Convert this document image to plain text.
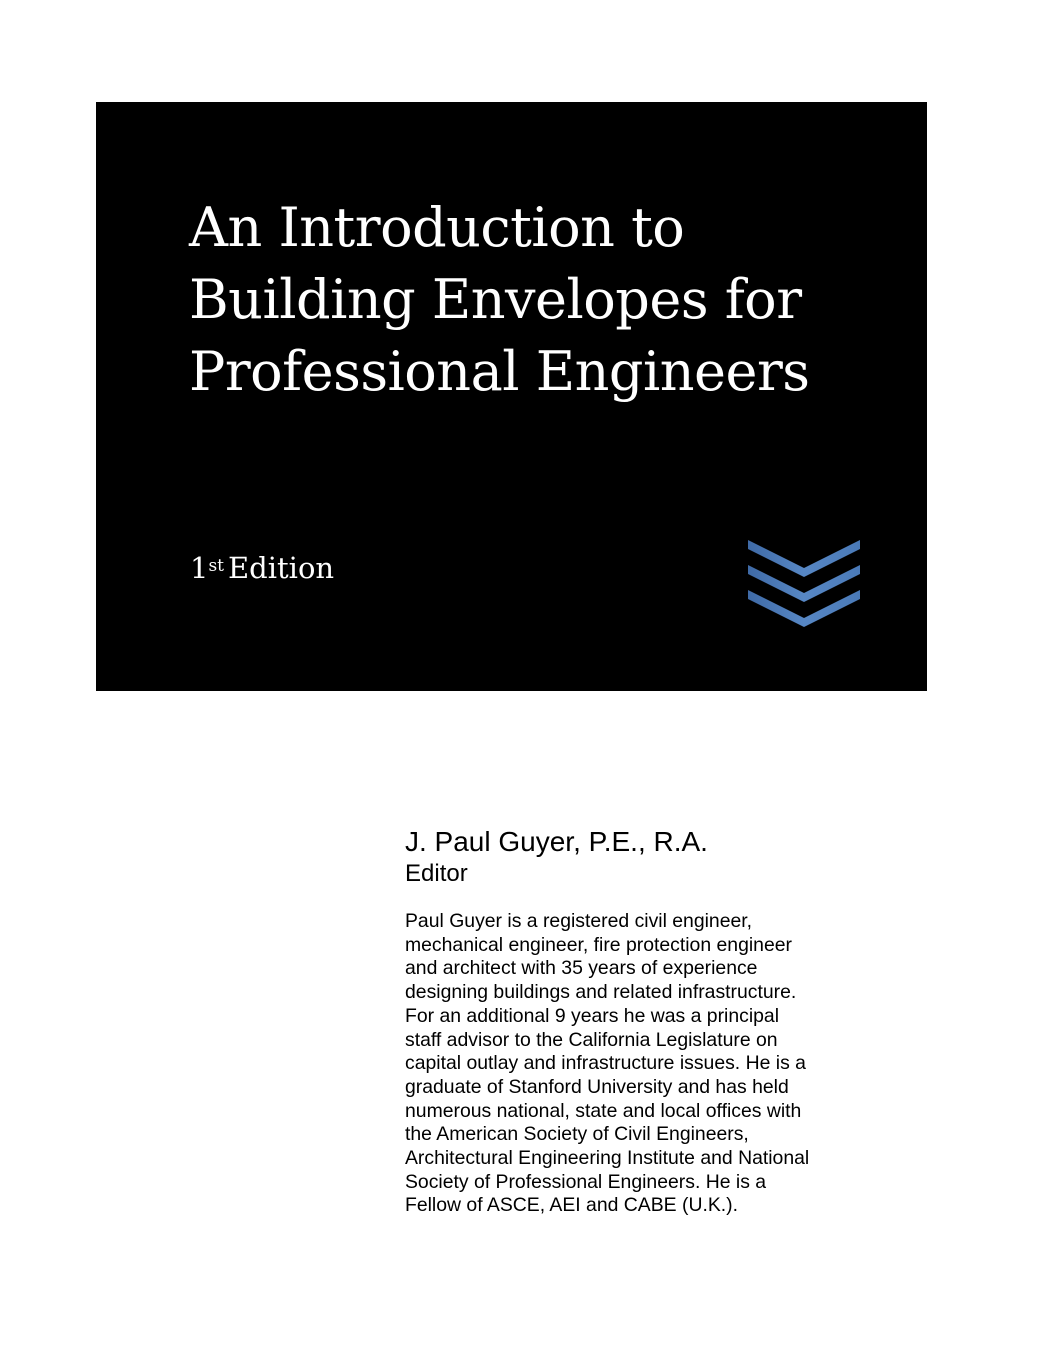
An Introduction to
Building Envelopes for
Professional Engineers
1st Edition
J. Paul Guyer, P.E., R.A.
Editor
Paul Guyer is a registered civil engineer,
mechanical engineer, fire protection engineer
and architect with 35 years of experience
designing buildings and related infrastructure.
For an additional 9 years he was a principal
staff advisor to the California Legislature on
capital outlay and infrastructure issues. He is a
graduate of Stanford University and has held
numerous national, state and local offices with
the American Society of Civil Engineers,
Architectural Engineering Institute and National
Society of Professional Engineers. He is a
Fellow of ASCE, AEI and CABE (U.K.).
